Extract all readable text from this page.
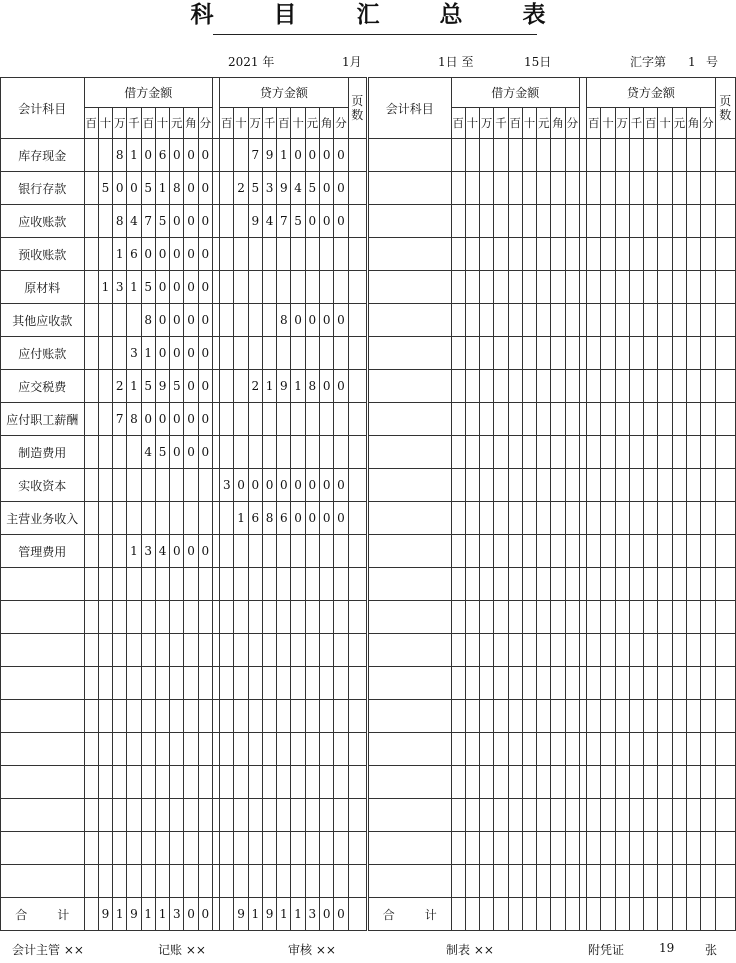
科 目 汇 总 表
2021 年	1月	1日 至	15日	汇字第 1 号
会计科目	借方金额										贷方金额									页数	会计科目	借方金额										贷方金额									页数
	百	十	万	千	百	十	元	角	分		百	十	万	千	百	十	元	角	分			百	十	万	千	百	十	元	角	分		百	十	万	千	百	十	元	角	分	
库存现金			8	1	0	6	0	0	0				7	9	1	0	0	0	0																						
银行存款		5	0	0	5	1	8	0	0			2	5	3	9	4	5	0	0																						
应收账款			8	4	7	5	0	0	0				9	4	7	5	0	0	0																						
预收账款			1	6	0	0	0	0	0																																
原材料		1	3	1	5	0	0	0	0																																
其他应收款					8	0	0	0	0						8	0	0	0	0																						
应付账款				3	1	0	0	0	0																																
应交税费			2	1	5	9	5	0	0				2	1	9	1	8	0	0																						
应付职工薪酬			7	8	0	0	0	0	0																																
制造费用					4	5	0	0	0																																
实收资本											3	0	0	0	0	0	0	0	0																						
主营业务收入												1	6	8	6	0	0	0	0																						
管理费用				1	3	4	0	0	0																																

合 计		9	1	9	1	1	3	0	0			9	1	9	1	1	3	0	0		合 计																				
会计主管 ××	记账 ××	审核 ××	制表 ××	附凭证	19	张
